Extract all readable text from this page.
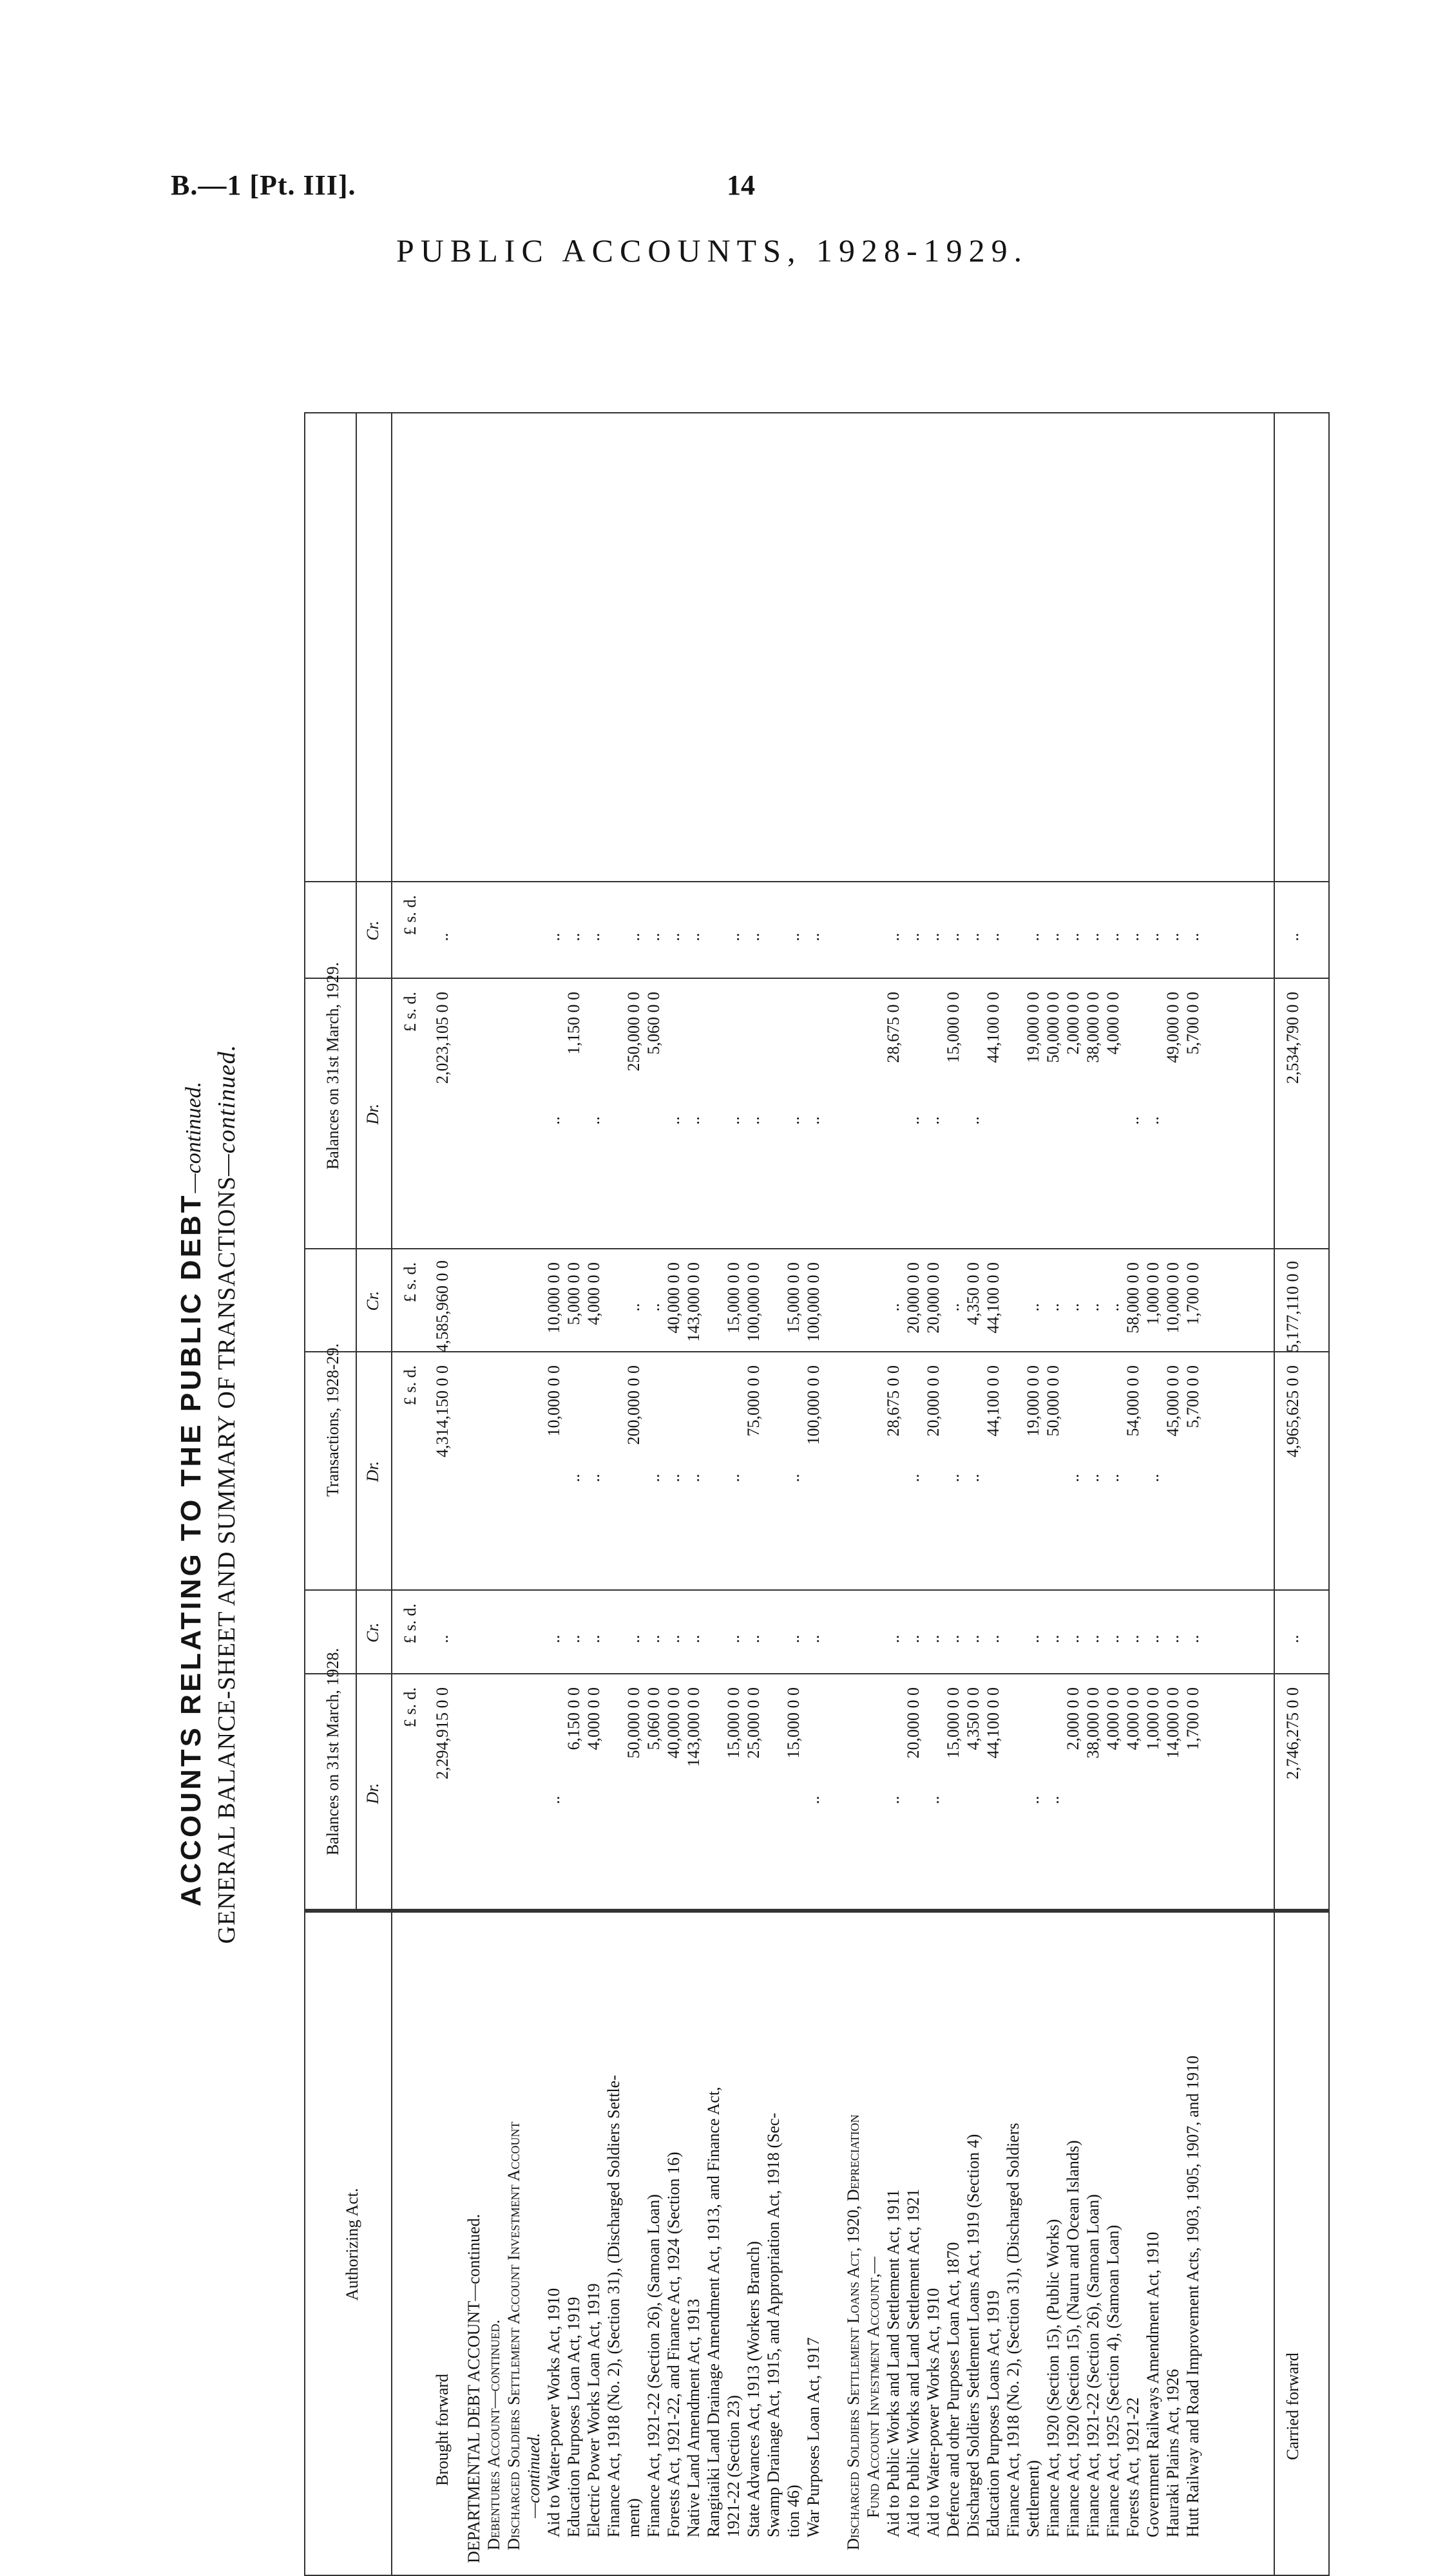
B.—1 [Pt. III].	14
PUBLIC ACCOUNTS, 1928-1929.
ACCOUNTS RELATING TO THE PUBLIC DEBT—continued.
GENERAL BALANCE-SHEET AND SUMMARY OF TRANSACTIONS—continued.
Authorizing Act.
Balances on 31st March, 1928.
Transactions, 1928-29.
Balances on 31st March, 1929.
Dr.
Cr.
Dr.
Cr.
Dr.
Cr.
£ s. d.
£ s. d.
£ s. d.
£ s. d.
£ s. d.
£ s. d.
Brought forward
2,294,915 0 0
..
4,314,150 0 0
4,585,960 0 0
2,023,105 0 0
..
DEPARTMENTAL DEBT ACCOUNT—continued. Debentures Account—continued. Discharged Soldiers Settlement Account Investment Account —continued. Aid to Water-power Works Act, 1910
..
..
10,000 0 0
10,000 0 0
..
..
Education Purposes Loan Act, 1919
6,150 0 0
..
..
5,000 0 0
1,150 0 0
..
Electric Power Works Loan Act, 1919
4,000 0 0
..
..
4,000 0 0
..
..
Finance Act, 1918 (No. 2), (Section 31), (Discharged Soldiers Settle- ment)
50,000 0 0
..
200,000 0 0
..
250,000 0 0
..
Finance Act, 1921-22 (Section 26), (Samoan Loan)
5,060 0 0
..
..
..
5,060 0 0
..
Forests Act, 1921-22, and Finance Act, 1924 (Section 16)
40,000 0 0
..
..
40,000 0 0
..
..
Native Land Amendment Act, 1913
143,000 0 0
..
..
143,000 0 0
..
..
Rangitaiki Land Drainage Amendment Act, 1913, and Finance Act, 1921-22 (Section 23)
15,000 0 0
..
..
15,000 0 0
..
..
State Advances Act, 1913 (Workers Branch)
25,000 0 0
..
75,000 0 0
100,000 0 0
..
..
Swamp Drainage Act, 1915, and Appropriation Act, 1918 (Sec- tion 46)
15,000 0 0
..
..
15,000 0 0
..
..
War Purposes Loan Act, 1917
..
..
100,000 0 0
100,000 0 0
..
..
Discharged Soldiers Settlement Loans Act, 1920, Depreciation Fund Account Investment Account,— Aid to Public Works and Land Settlement Act, 1911
..
..
28,675 0 0
..
28,675 0 0
..
Aid to Public Works and Land Settlement Act, 1921
20,000 0 0
..
..
20,000 0 0
..
..
Aid to Water-power Works Act, 1910
..
..
20,000 0 0
20,000 0 0
..
..
Defence and other Purposes Loan Act, 1870
15,000 0 0
..
..
..
15,000 0 0
..
Discharged Soldiers Settlement Loans Act, 1919 (Section 4)
4,350 0 0
..
..
4,350 0 0
..
..
Education Purposes Loans Act, 1919
44,100 0 0
..
44,100 0 0
44,100 0 0
44,100 0 0
..
Finance Act, 1918 (No. 2), (Section 31), (Discharged Soldiers Settlement)
..
..
19,000 0 0
..
19,000 0 0
..
Finance Act, 1920 (Section 15), (Public Works)
..
..
50,000 0 0
..
50,000 0 0
..
Finance Act, 1920 (Section 15), (Nauru and Ocean Islands)
2,000 0 0
..
..
..
2,000 0 0
..
Finance Act, 1921-22 (Section 26), (Samoan Loan)
38,000 0 0
..
..
..
38,000 0 0
..
Finance Act, 1925 (Section 4), (Samoan Loan)
4,000 0 0
..
..
..
4,000 0 0
..
Forests Act, 1921-22
4,000 0 0
..
54,000 0 0
58,000 0 0
..
..
Government Railways Amendment Act, 1910
1,000 0 0
..
..
1,000 0 0
..
..
Hauraki Plains Act, 1926
14,000 0 0
..
45,000 0 0
10,000 0 0
49,000 0 0
..
Hutt Railway and Road Improvement Acts, 1903, 1905, 1907, and 1910
1,700 0 0
..
5,700 0 0
1,700 0 0
5,700 0 0
..
Carried forward
2,746,275 0 0
..
4,965,625 0 0
5,177,110 0 0
2,534,790 0 0
..
